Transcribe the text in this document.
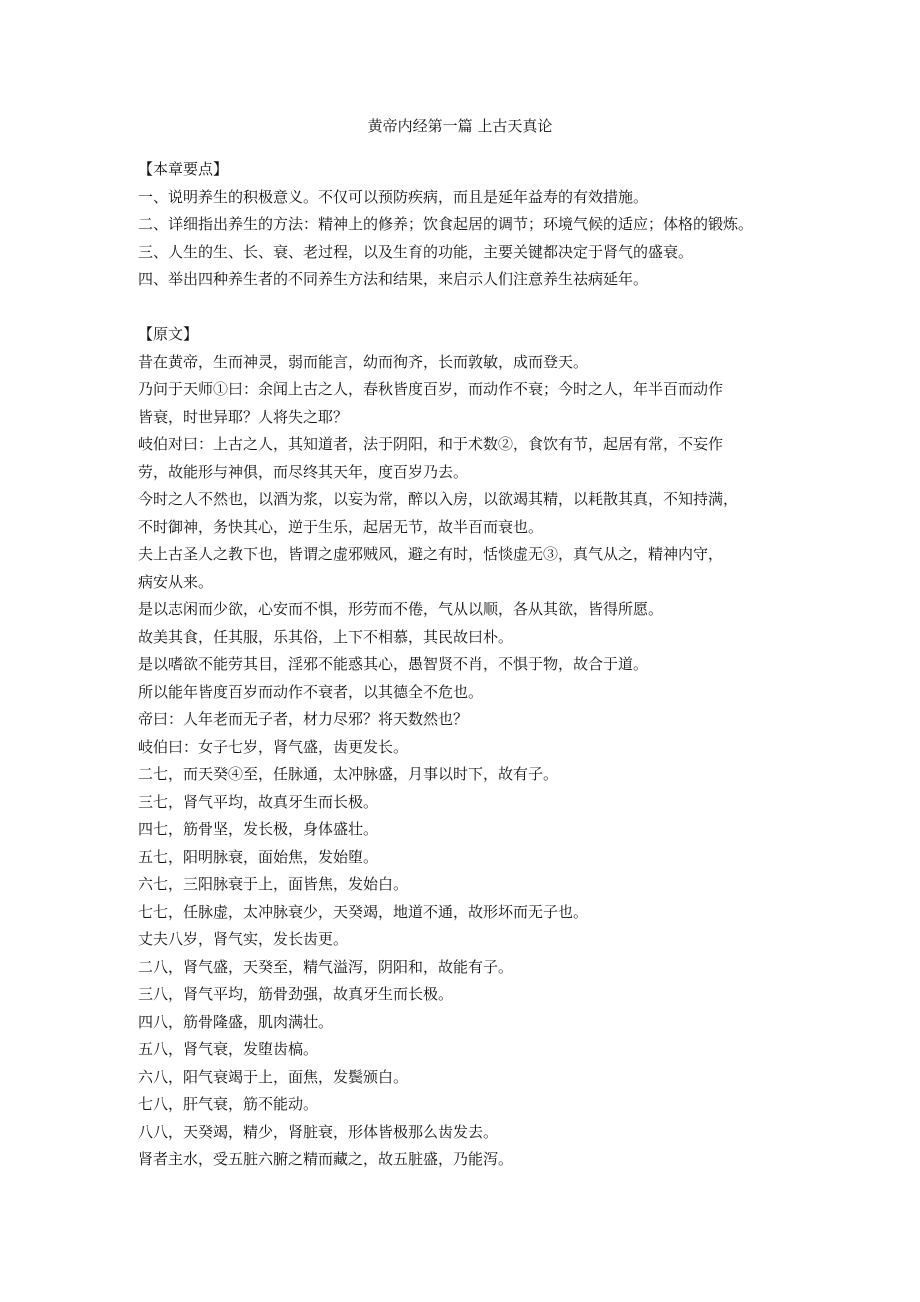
黄帝内经第一篇 上古天真论
【本章要点】
一、说明养生的积极意义。不仅可以预防疾病，而且是延年益寿的有效措施。
二、详细指出养生的方法：精神上的修养；饮食起居的调节；环境气候的适应；体格的锻炼。
三、人生的生、长、衰、老过程，以及生育的功能，主要关键都决定于肾气的盛衰。
四、举出四种养生者的不同养生方法和结果，来启示人们注意养生祛病延年。
【原文】
昔在黄帝，生而神灵，弱而能言，幼而徇齐，长而敦敏，成而登天。
乃问于天师①曰：余闻上古之人，春秋皆度百岁，而动作不衰；今时之人，年半百而动作
皆衰，时世异耶？人将失之耶？
岐伯对曰：上古之人，其知道者，法于阴阳，和于术数②，食饮有节，起居有常，不妄作
劳，故能形与神俱，而尽终其天年，度百岁乃去。
今时之人不然也，以酒为浆，以妄为常，醉以入房，以欲竭其精，以耗散其真，不知持满，
不时御神，务快其心，逆于生乐，起居无节，故半百而衰也。
夫上古圣人之教下也，皆谓之虚邪贼风，避之有时，恬惔虚无③，真气从之，精神内守，
病安从来。
是以志闲而少欲，心安而不惧，形劳而不倦，气从以顺，各从其欲，皆得所愿。
故美其食，任其服，乐其俗，上下不相慕，其民故曰朴。
是以嗜欲不能劳其目，淫邪不能惑其心，愚智贤不肖，不惧于物，故合于道。
所以能年皆度百岁而动作不衰者，以其德全不危也。
帝曰：人年老而无子者，材力尽邪？将天数然也？
岐伯曰：女子七岁，肾气盛，齿更发长。
二七，而天癸④至，任脉通，太冲脉盛，月事以时下，故有子。
三七，肾气平均，故真牙生而长极。
四七，筋骨坚，发长极，身体盛壮。
五七，阳明脉衰，面始焦，发始堕。
六七，三阳脉衰于上，面皆焦，发始白。
七七，任脉虚，太冲脉衰少，天癸竭，地道不通，故形坏而无子也。
丈夫八岁，肾气实，发长齿更。
二八，肾气盛，天癸至，精气溢泻，阴阳和，故能有子。
三八，肾气平均，筋骨劲强，故真牙生而长极。
四八，筋骨隆盛，肌肉满壮。
五八，肾气衰，发堕齿槁。
六八，阳气衰竭于上，面焦，发鬓颁白。
七八，肝气衰，筋不能动。
八八，天癸竭，精少，肾脏衰，形体皆极那么齿发去。
肾者主水，受五脏六腑之精而藏之，故五脏盛，乃能泻。
